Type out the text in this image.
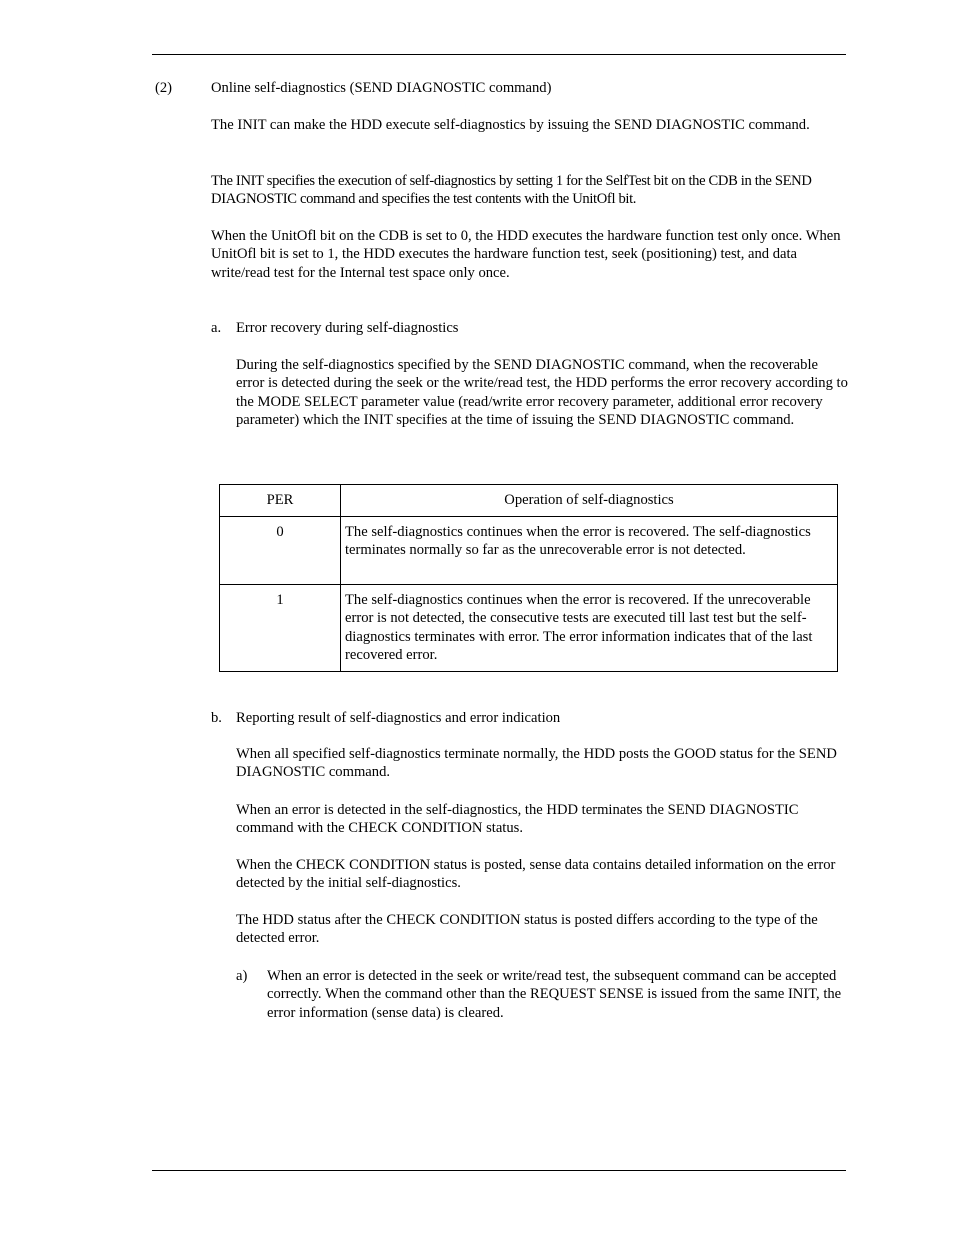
(2)	Online self-diagnostics (SEND DIAGNOSTIC command)

The INIT can make the HDD execute self-diagnostics by issuing the SEND DIAGNOSTIC command.

The INIT specifies the execution of self-diagnostics by setting 1 for the SelfTest bit on the CDB in the SEND DIAGNOSTIC command and specifies the test contents with the UnitOfl bit.

When the UnitOfl bit on the CDB is set to 0, the HDD executes the hardware function test only once. When UnitOfl bit is set to 1, the HDD executes the hardware function test, seek (positioning) test, and data write/read test for the Internal test space only once.

a. Error recovery during self-diagnostics

During the self-diagnostics specified by the SEND DIAGNOSTIC command, when the recoverable error is detected during the seek or the write/read test, the HDD performs the error recovery according to the MODE SELECT parameter value (read/write error recovery parameter, additional error recovery parameter) which the INIT specifies at the time of issuing the SEND DIAGNOSTIC command.

PER	Operation of self-diagnostics
0	The self-diagnostics continues when the error is recovered. The self-diagnostics terminates normally so far as the unrecoverable error is not detected.
1	The self-diagnostics continues when the error is recovered. If the unrecoverable error is not detected, the consecutive tests are executed till last test but the self-diagnostics terminates with error. The error information indicates that of the last recovered error.
b. Reporting result of self-diagnostics and error indication

When all specified self-diagnostics terminate normally, the HDD posts the GOOD status for the SEND DIAGNOSTIC command.

When an error is detected in the self-diagnostics, the HDD terminates the SEND DIAGNOSTIC command with the CHECK CONDITION status.

When the CHECK CONDITION status is posted, sense data contains detailed information on the error detected by the initial self-diagnostics.

The HDD status after the CHECK CONDITION status is posted differs according to the type of the detected error.

a) When an error is detected in the seek or write/read test, the subsequent command can be accepted correctly. When the command other than the REQUEST SENSE is issued from the same INIT, the error information (sense data) is cleared.
